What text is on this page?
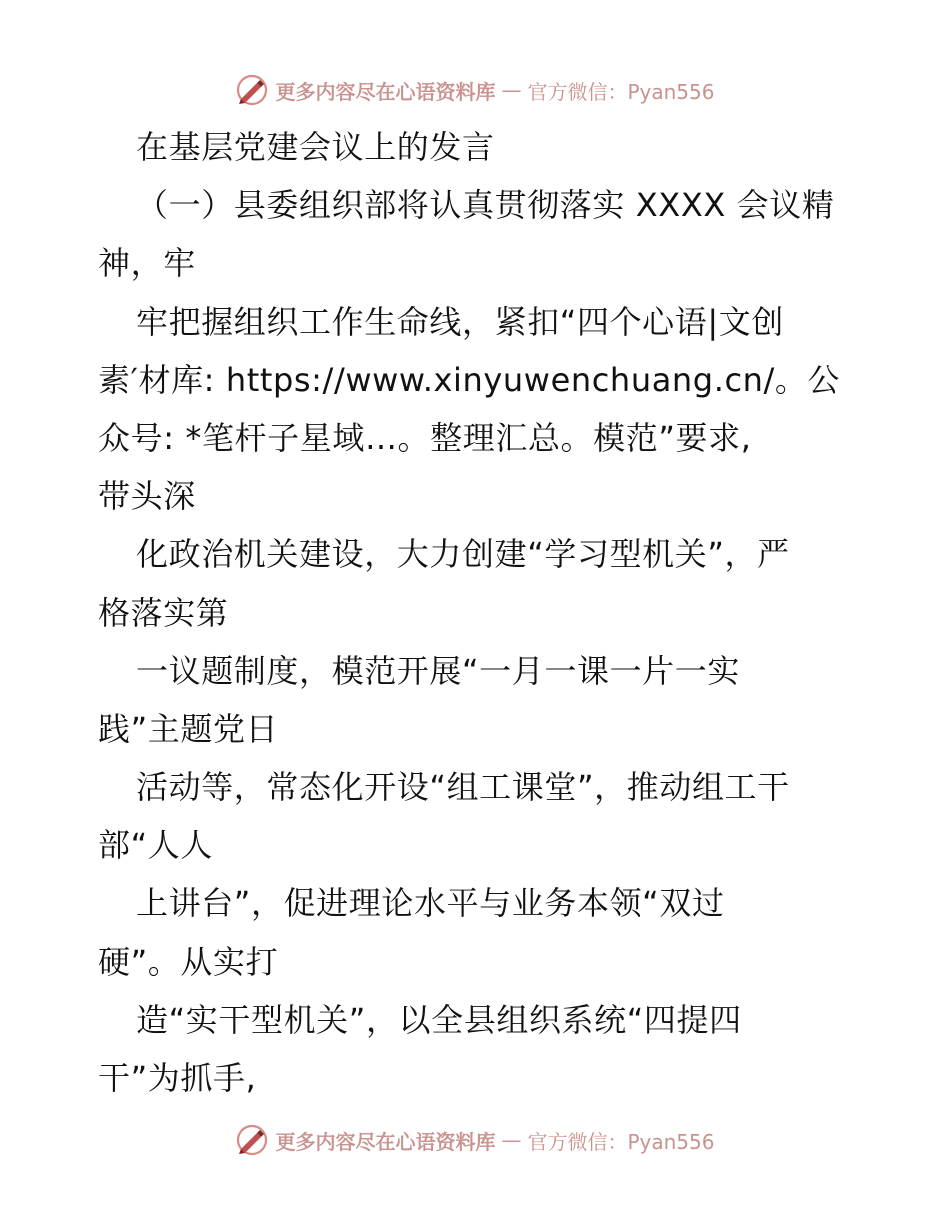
更多内容尽在心语资料库 — 官方微信：Pyan556
在基层党建会议上的发言
（一）县委组织部将认真贯彻落实 XXXX 会议精
神，牢
牢把握组织工作生命线，紧扣“四个心语|文创
素′材库: https://www.xinyuwenchuang.cn/。公
众号: *笔杆子星域…。整理汇总。模范”要求,
带头深
化政治机关建设，大力创建“学习型机关”，严
格落实第
一议题制度，模范开展“一月一课一片一实
践”主题党日
活动等，常态化开设“组工课堂”，推动组工干
部“人人
上讲台”，促进理论水平与业务本领“双过
硬”。从实打
造“实干型机关”，以全县组织系统“四提四
干”为抓手,
更多内容尽在心语资料库 — 官方微信：Pyan556
